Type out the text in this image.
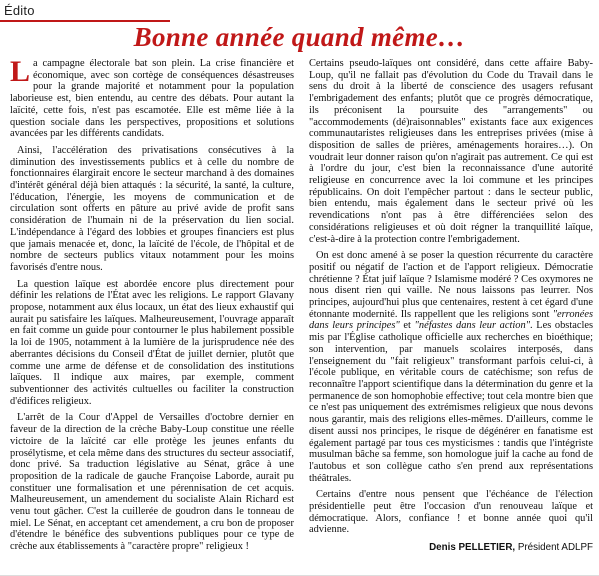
Édito
Bonne année quand même…

La campagne électorale bat son plein. La crise financière et économique, avec son cortège de conséquences désastreuses pour la grande majorité et notamment pour la population laborieuse est, bien entendu, au centre des débats. Pour autant la laïcité, cette fois, n'est pas escamotée. Elle est même liée à la question sociale dans les perspectives, propositions et solutions avancées par les différents candidats.

Ainsi, l'accélération des privatisations consécutives à la diminution des investissements publics et à celle du nombre de fonctionnaires élargirait encore le secteur marchand à des domaines d'intérêt général déjà bien attaqués : la sécurité, la santé, la culture, l'éducation, l'énergie, les moyens de communication et de circulation sont offerts en pâture au privé avide de profit sans considération de l'humain ni de la préservation du lien social. L'indépendance à l'égard des lobbies et groupes financiers est plus que jamais menacée et, donc, la laïcité de l'école, de l'hôpital et de nombre de secteurs publics vitaux notamment pour les moins favorisés d'entre nous.

La question laïque est abordée encore plus directement pour définir les relations de l'État avec les religions. Le rapport Glavany propose, notamment aux élus locaux, un état des lieux exhaustif qui aurait pu satisfaire les laïques. Malheureusement, l'ouvrage apparaît en fait comme un guide pour contourner le plus habilement possible la loi de 1905, notamment à la lumière de la jurisprudence née des aberrantes décisions du Conseil d'État de juillet dernier, plutôt que comme une arme de défense et de consolidation des institutions laïques. Il indique aux maires, par exemple, comment subventionner des activités cultuelles ou faciliter la construction d'édifices religieux.

L'arrêt de la Cour d'Appel de Versailles d'octobre dernier en faveur de la direction de la crèche Baby-Loup constitue une réelle victoire de la laïcité car elle protège les jeunes enfants du prosélytisme, et cela même dans des structures du secteur associatif, donc privé. Sa traduction législative au Sénat, grâce à une proposition de la radicale de gauche Françoise Laborde, aurait pu constituer une formalisation et une pérennisation de cet acquis. Malheureusement, un amendement du socialiste Alain Richard est venu tout gâcher. C'est la cuillerée de goudron dans le tonneau de miel. Le Sénat, en acceptant cet amendement, a cru bon de proposer d'étendre le bénéfice des subventions publiques pour ce type de crèche aux établissements à "caractère propre" religieux !

Certains pseudo-laïques ont considéré, dans cette affaire Baby-Loup, qu'il ne fallait pas d'évolution du Code du Travail dans le sens du droit à la liberté de conscience des usagers refusant l'embrigadement des enfants; plutôt que ce progrès démocratique, ils préconisent la poursuite des "arrangements" ou "accommodements (dé)raisonnables" existants face aux exigences communautaristes religieuses dans les entreprises privées (mise à disposition de salles de prières, aménagements horaires…). On voudrait leur donner raison qu'on n'agirait pas autrement. Ce qui est à l'ordre du jour, c'est bien la reconnaissance d'une autorité religieuse en concurrence avec la loi commune et les principes républicains. On doit l'empêcher partout : dans le secteur public, bien entendu, mais également dans le secteur privé où les revendications n'ont pas à être différenciées selon des considérations religieuses et où doit régner la tranquillité laïque, c'est-à-dire à la protection contre l'embrigadement.

On est donc amené à se poser la question récurrente du caractère positif ou négatif de l'action et de l'apport religieux. Démocratie chrétienne ? État juif laïque ? Islamisme modéré ? Ces oxymores ne nous disent rien qui vaille. Ne nous laissons pas leurrer. Nos principes, aujourd'hui plus que centenaires, restent à cet égard d'une étonnante modernité. Ils rappellent que les religions sont "erronées dans leurs principes" et "néfastes dans leur action". Les obstacles mis par l'Église catholique officielle aux recherches en bioéthique; son intervention, par manuels scolaires interposés, dans l'enseignement du "fait religieux" transformant parfois celui-ci, à l'école publique, en véritable cours de catéchisme; son refus de reconnaître l'apport scientifique dans la détermination du genre et la permanence de son homophobie effective; tout cela montre bien que ce n'est pas uniquement des extrémismes religieux que nous devons nous garantir, mais des religions elles-mêmes. D'ailleurs, comme le disent aussi nos principes, le risque de dégénérer en fanatisme est également partagé par tous ces mysticismes : tandis que l'intégriste musulman bâche sa femme, son homologue juif la cache au fond de l'autobus et son collègue catho s'en prend aux représentations théâtrales.

Certains d'entre nous pensent que l'échéance de l'élection présidentielle peut être l'occasion d'un renouveau laïque et démocratique. Alors, confiance ! et bonne année quoi qu'il advienne.

Denis PELLETIER, Président ADLPF
